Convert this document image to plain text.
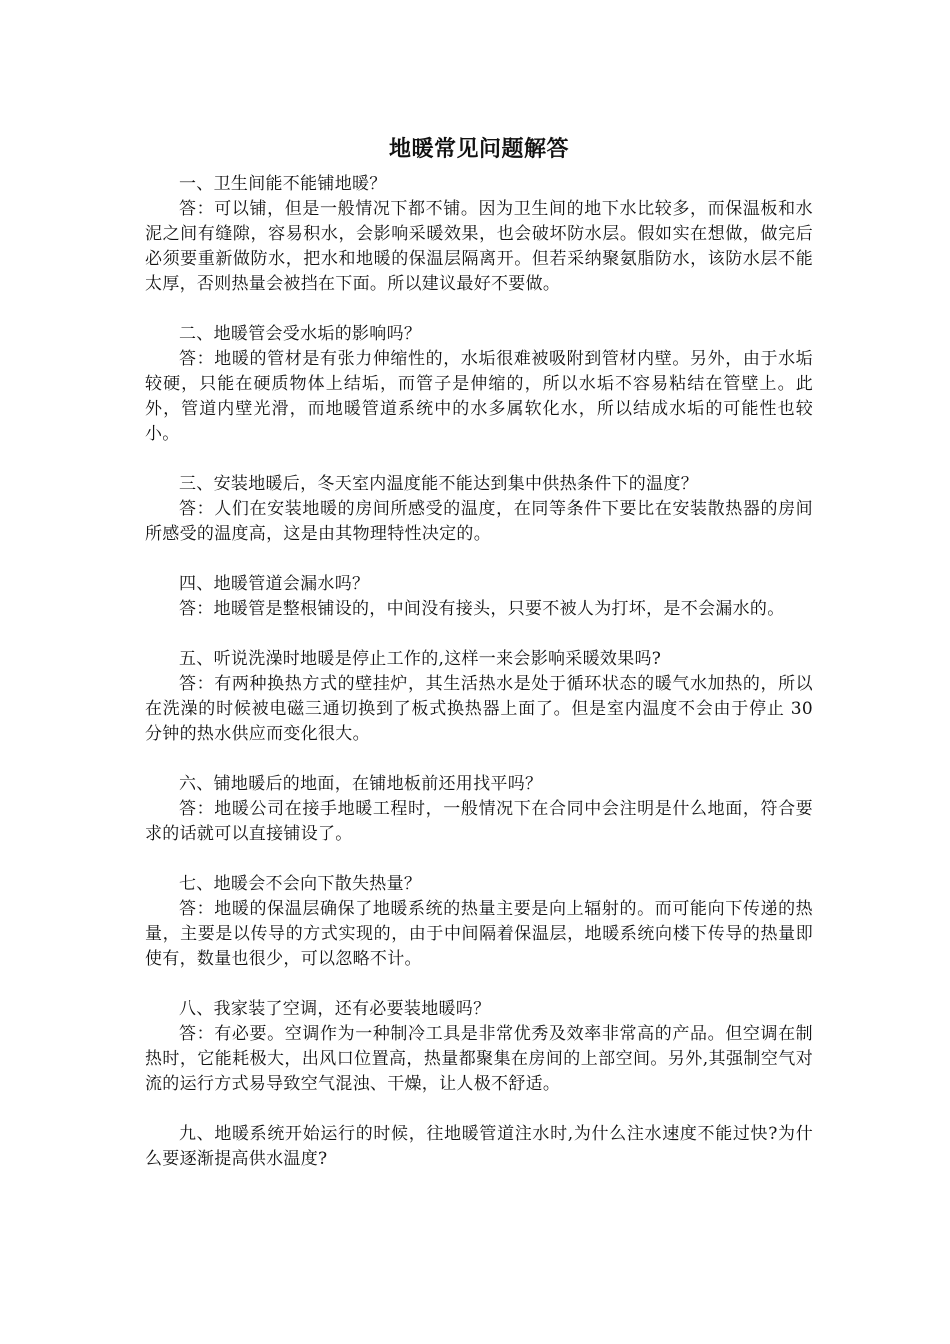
地暖常见问题解答

一、卫生间能不能铺地暖？

答：可以铺，但是一般情况下都不铺。因为卫生间的地下水比较多，而保温板和水泥之间有缝隙，容易积水，会影响采暖效果，也会破坏防水层。假如实在想做，做完后必须要重新做防水，把水和地暖的保温层隔离开。但若采纳聚氨脂防水，该防水层不能太厚，否则热量会被挡在下面。所以建议最好不要做。

二、地暖管会受水垢的影响吗？

答：地暖的管材是有张力伸缩性的，水垢很难被吸附到管材内壁。另外，由于水垢较硬，只能在硬质物体上结垢，而管子是伸缩的，所以水垢不容易粘结在管壁上。此外，管道内壁光滑，而地暖管道系统中的水多属软化水，所以结成水垢的可能性也较小。

三、安装地暖后，冬天室内温度能不能达到集中供热条件下的温度？

答：人们在安装地暖的房间所感受的温度，在同等条件下要比在安装散热器的房间所感受的温度高，这是由其物理特性决定的。

四、地暖管道会漏水吗？

答：地暖管是整根铺设的，中间没有接头，只要不被人为打坏，是不会漏水的。

五、听说洗澡时地暖是停止工作的,这样一来会影响采暖效果吗?

答：有两种换热方式的壁挂炉，其生活热水是处于循环状态的暖气水加热的，所以在洗澡的时候被电磁三通切换到了板式换热器上面了。但是室内温度不会由于停止 30 分钟的热水供应而变化很大。

六、铺地暖后的地面，在铺地板前还用找平吗？

答：地暖公司在接手地暖工程时，一般情况下在合同中会注明是什么地面，符合要求的话就可以直接铺设了。

七、地暖会不会向下散失热量？

答：地暖的保温层确保了地暖系统的热量主要是向上辐射的。而可能向下传递的热量，主要是以传导的方式实现的，由于中间隔着保温层，地暖系统向楼下传导的热量即使有，数量也很少，可以忽略不计。

八、我家装了空调，还有必要装地暖吗？

答：有必要。空调作为一种制冷工具是非常优秀及效率非常高的产品。但空调在制热时，它能耗极大，出风口位置高，热量都聚集在房间的上部空间。另外,其强制空气对流的运行方式易导致空气混浊、干燥，让人极不舒适。

九、地暖系统开始运行的时候，往地暖管道注水时,为什么注水速度不能过快?为什么要逐渐提高供水温度?
